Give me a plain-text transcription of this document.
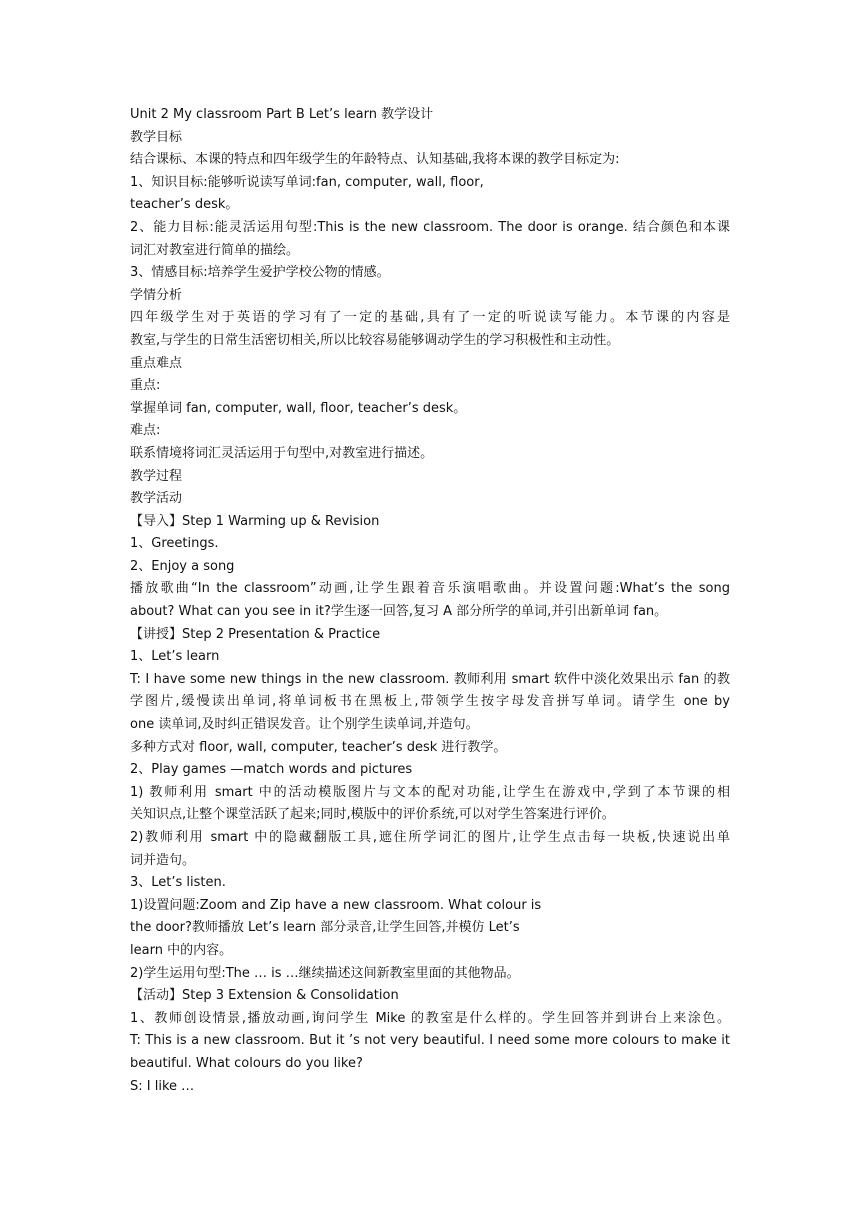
Unit 2 My classroom Part B Let’s learn 教学设计
教学目标
结合课标、本课的特点和四年级学生的年龄特点、认知基础,我将本课的教学目标定为:
1、知识目标:能够听说读写单词:fan, computer, wall, floor,
teacher’s desk。
2、能力目标:能灵活运用句型:This is the new classroom. The door is orange. 结合颜色和本课
词汇对教室进行简单的描绘。
3、情感目标:培养学生爱护学校公物的情感。
学情分析
四年级学生对于英语的学习有了一定的基础,具有了一定的听说读写能力。本节课的内容是
教室,与学生的日常生活密切相关,所以比较容易能够调动学生的学习积极性和主动性。
重点难点
重点:
掌握单词 fan, computer, wall, floor, teacher’s desk。
难点:
联系情境将词汇灵活运用于句型中,对教室进行描述。
教学过程
教学活动
【导入】Step 1 Warming up & Revision
1、Greetings.
2、Enjoy a song
播放歌曲“In the classroom”动画,让学生跟着音乐演唱歌曲。并设置问题:What’s the song
about? What can you see in it?学生逐一回答,复习 A 部分所学的单词,并引出新单词 fan。
【讲授】Step 2 Presentation & Practice
1、Let’s learn
T: I have some new things in the new classroom. 教师利用 smart 软件中淡化效果出示 fan 的教
学图片,缓慢读出单词,将单词板书在黑板上,带领学生按字母发音拼写单词。请学生 one by
one 读单词,及时纠正错误发音。让个别学生读单词,并造句。
多种方式对 floor, wall, computer, teacher’s desk 进行教学。
2、Play games —match words and pictures
1) 教师利用 smart 中的活动模版图片与文本的配对功能,让学生在游戏中,学到了本节课的相
关知识点,让整个课堂活跃了起来;同时,模版中的评价系统,可以对学生答案进行评价。
2)教师利用 smart 中的隐藏翻版工具,遮住所学词汇的图片,让学生点击每一块板,快速说出单
词并造句。
3、Let’s listen.
1)设置问题:Zoom and Zip have a new classroom. What colour is
the door?教师播放 Let’s learn 部分录音,让学生回答,并模仿 Let’s
learn 中的内容。
2)学生运用句型:The … is …继续描述这间新教室里面的其他物品。
【活动】Step 3 Extension & Consolidation
1、教师创设情景,播放动画,询问学生 Mike 的教室是什么样的。学生回答并到讲台上来涂色。
T: This is a new classroom. But it ’s not very beautiful. I need some more colours to make it
beautiful. What colours do you like?
S: I like …
